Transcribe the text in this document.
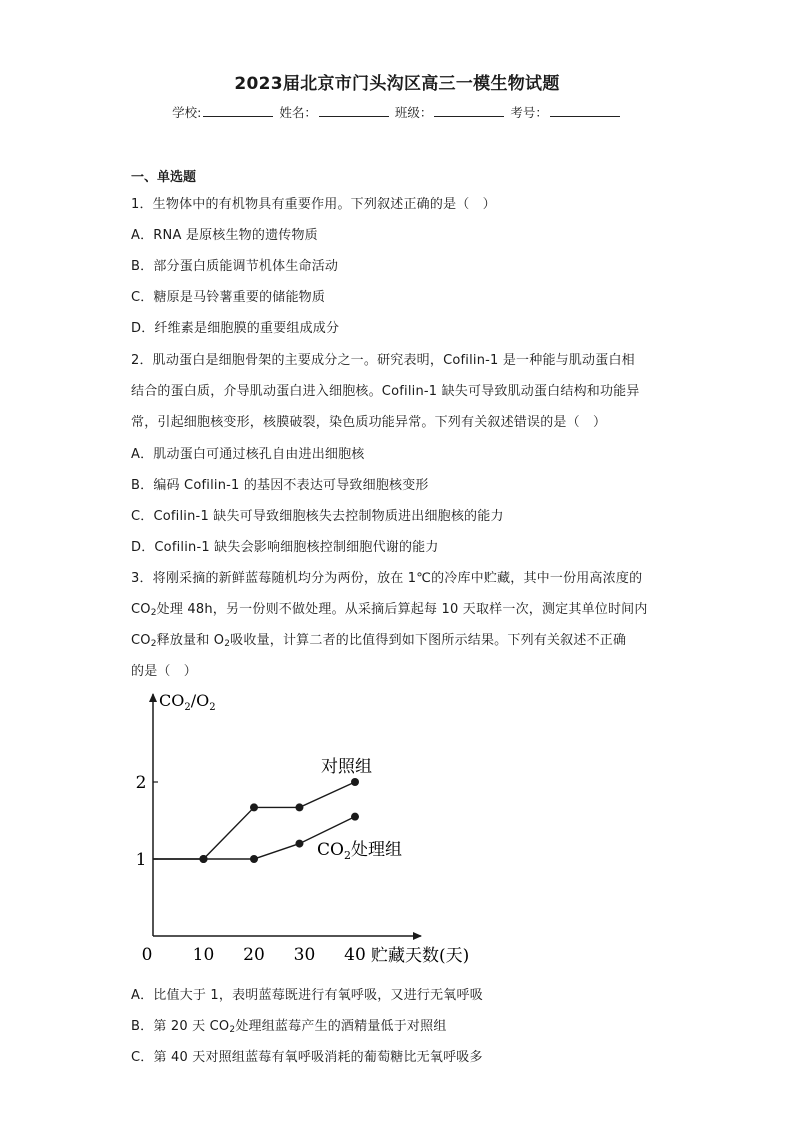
2023届北京市门头沟区高三一模生物试题
学校:	姓名：	班级：	考号：
一、单选题
1．生物体中的有机物具有重要作用。下列叙述正确的是（　）
A．RNA 是原核生物的遗传物质
B．部分蛋白质能调节机体生命活动
C．糖原是马铃薯重要的储能物质
D．纤维素是细胞膜的重要组成成分
2．肌动蛋白是细胞骨架的主要成分之一。研究表明，Cofilin-1 是一种能与肌动蛋白相
结合的蛋白质，介导肌动蛋白进入细胞核。Cofilin-1 缺失可导致肌动蛋白结构和功能异
常，引起细胞核变形，核膜破裂，染色质功能异常。下列有关叙述错误的是（　）
A．肌动蛋白可通过核孔自由进出细胞核
B．编码 Cofilin-1 的基因不表达可导致细胞核变形
C．Cofilin-1 缺失可导致细胞核失去控制物质进出细胞核的能力
D．Cofilin-1 缺失会影响细胞核控制细胞代谢的能力
3．将刚采摘的新鲜蓝莓随机均分为两份，放在 1℃的冷库中贮藏，其中一份用高浓度的
$CO_2$处理 48h，另一份则不做处理。从采摘后算起每 10 天取样一次，测定其单位时间内
$CO_2$释放量和 $O_2$吸收量，计算二者的比值得到如下图所示结果。下列有关叙述不正确
的是（　）
$CO_2/O_2$
0 10 20 30 40
1
2
贮藏天数(天)
对照组
$CO_2$处理组
A．比值大于 1，表明蓝莓既进行有氧呼吸，又进行无氧呼吸
B．第 20 天 $CO_2$处理组蓝莓产生的酒精量低于对照组
C．第 40 天对照组蓝莓有氧呼吸消耗的葡萄糖比无氧呼吸多
